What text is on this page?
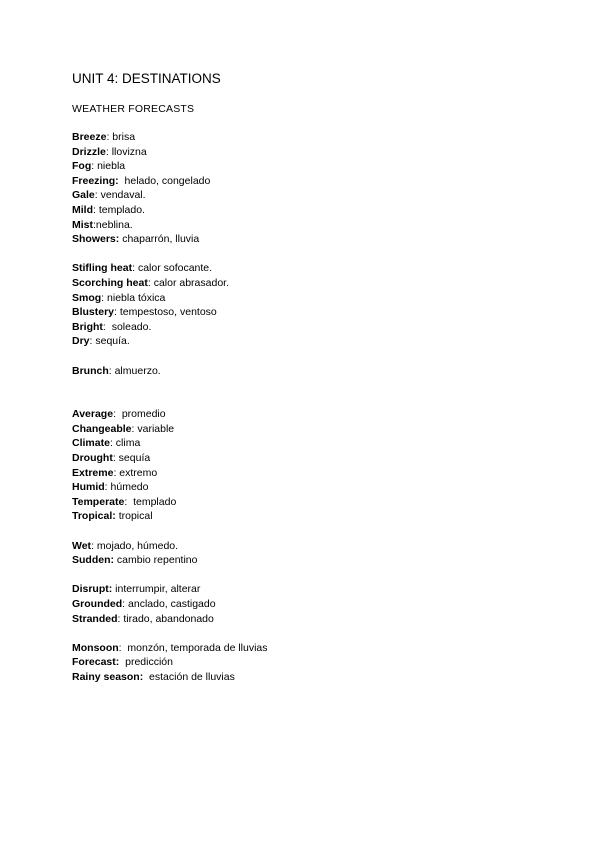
UNIT 4: DESTINATIONS
WEATHER FORECASTS
Breeze: brisa
Drizzle: llovizna
Fog: niebla
Freezing: helado, congelado
Gale: vendaval.
Mild: templado.
Mist:neblina.
Showers: chaparrón, lluvia
Stifling heat: calor sofocante.
Scorching heat: calor abrasador.
Smog: niebla tóxica
Blustery: tempestoso, ventoso
Bright:  soleado.
Dry: sequía.
Brunch: almuerzo.
Average:  promedio
Changeable: variable
Climate: clima
Drought: sequía
Extreme: extremo
Humid: húmedo
Temperate:  templado
Tropical: tropical
Wet: mojado, húmedo.
Sudden: cambio repentino
Disrupt: interrumpir, alterar
Grounded: anclado, castigado
Stranded: tirado, abandonado
Monsoon:  monzón, temporada de lluvias
Forecast: predicción
Rainy season: estación de lluvias
